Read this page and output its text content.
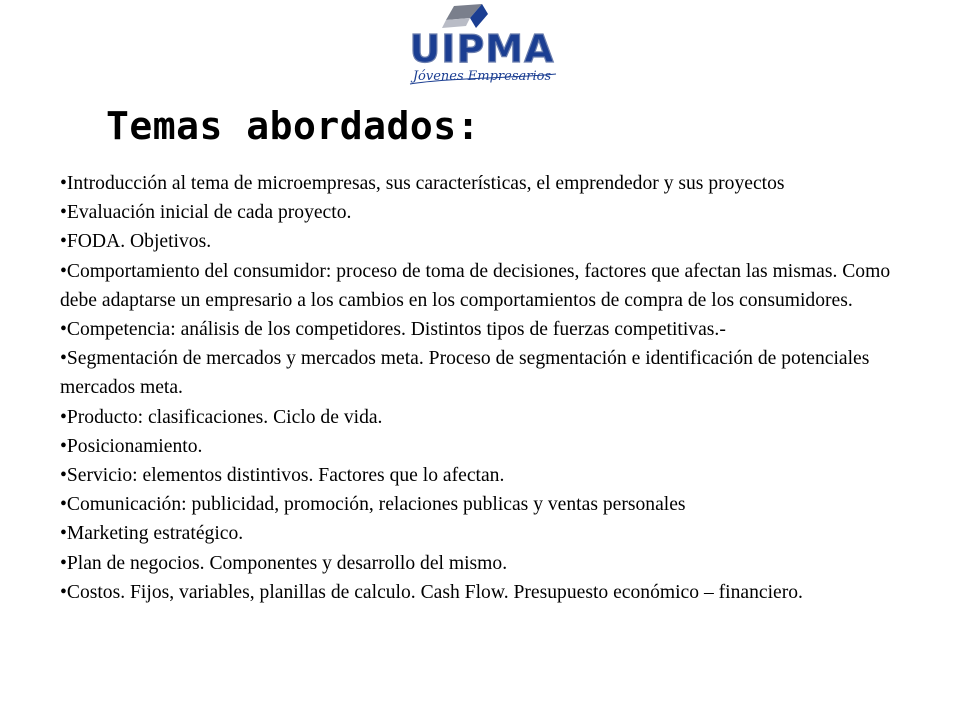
UIPMA
Jóvenes Empresarios
Temas abordados:
•Introducción al tema de microempresas, sus características, el emprendedor y sus proyectos
•Evaluación inicial de cada proyecto.
•FODA. Objetivos.
•Comportamiento del consumidor: proceso de toma de decisiones, factores que afectan las mismas. Como debe adaptarse un empresario a los cambios en los comportamientos de compra de los consumidores.
•Competencia: análisis de los competidores. Distintos tipos de fuerzas competitivas.-
•Segmentación de mercados y mercados meta. Proceso de segmentación e identificación de potenciales mercados meta.
•Producto: clasificaciones. Ciclo de vida.
•Posicionamiento.
•Servicio: elementos distintivos. Factores que lo afectan.
•Comunicación: publicidad, promoción, relaciones publicas y ventas personales
•Marketing estratégico.
•Plan de negocios. Componentes y desarrollo del mismo.
•Costos. Fijos, variables, planillas de calculo. Cash Flow. Presupuesto económico – financiero.
